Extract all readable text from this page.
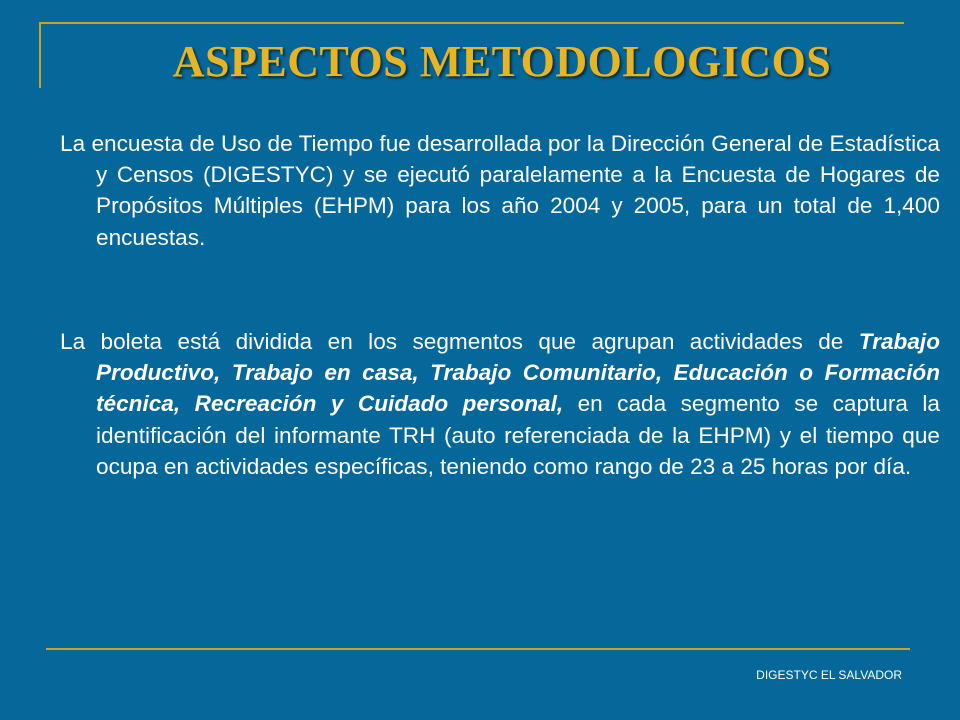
ASPECTOS METODOLOGICOS

La encuesta de Uso de Tiempo fue desarrollada por la Dirección General de Estadística y Censos (DIGESTYC) y se ejecutó paralelamente a la Encuesta de Hogares de Propósitos Múltiples (EHPM) para los año 2004 y 2005, para un total de 1,400 encuestas.

La boleta está dividida en los segmentos que agrupan actividades de Trabajo Productivo, Trabajo en casa, Trabajo Comunitario, Educación o Formación técnica, Recreación y Cuidado personal, en cada segmento se captura la identificación del informante TRH (auto referenciada de la EHPM) y el tiempo que ocupa en actividades específicas, teniendo como rango de 23 a 25 horas por día.

DIGESTYC EL SALVADOR
